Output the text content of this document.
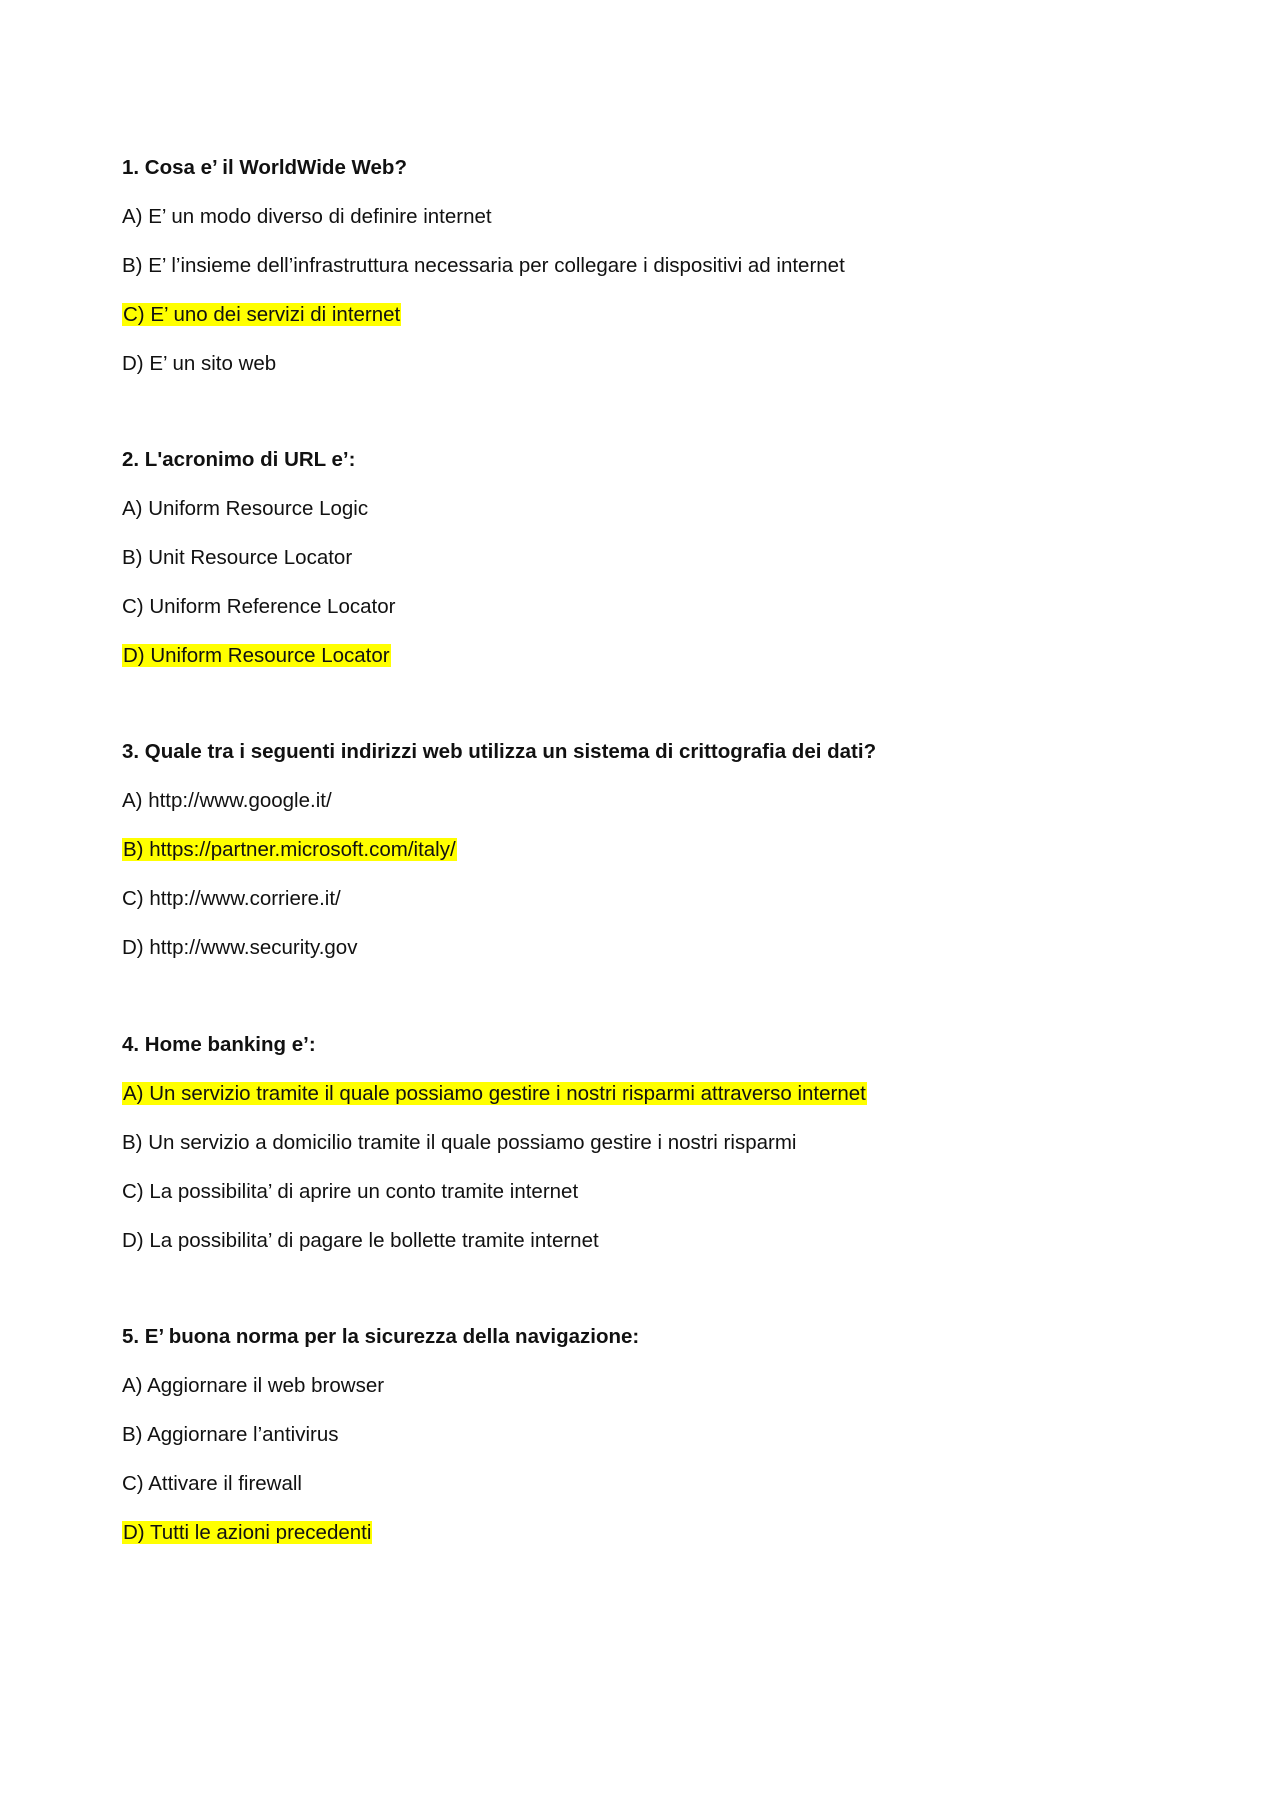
1. Cosa e’ il WorldWide Web?
A) E’ un modo diverso di definire internet
B) E’ l’insieme dell’infrastruttura necessaria per collegare i dispositivi ad internet
C) E’ uno dei servizi di internet
D) E’ un sito web
2. L'acronimo di URL e’:
A) Uniform Resource Logic
B) Unit Resource Locator
C) Uniform Reference Locator
D) Uniform Resource Locator
3. Quale tra i seguenti indirizzi web utilizza un sistema di crittografia dei dati?
A) http://www.google.it/
B) https://partner.microsoft.com/italy/
C) http://www.corriere.it/
D) http://www.security.gov
4. Home banking e’:
A) Un servizio tramite il quale possiamo gestire i nostri risparmi attraverso internet
B) Un servizio a domicilio tramite il quale possiamo gestire i nostri risparmi
C) La possibilita’ di aprire un conto tramite internet
D) La possibilita’ di pagare le bollette tramite internet
5. E’ buona norma per la sicurezza della navigazione:
A) Aggiornare il web browser
B) Aggiornare l’antivirus
C) Attivare il firewall
D) Tutti le azioni precedenti
